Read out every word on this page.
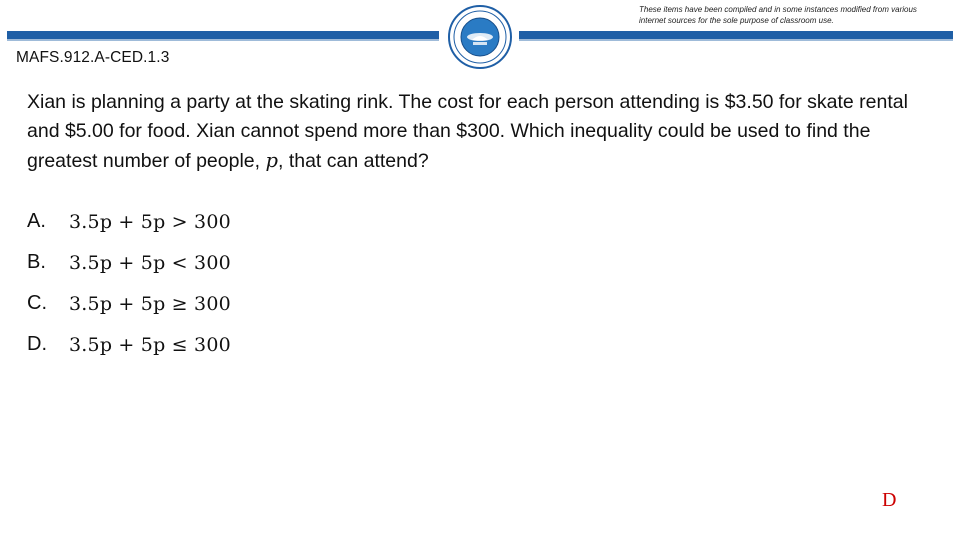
These items have been compiled and in some instances modified from various internet sources for the sole purpose of classroom use.
MAFS.912.A-CED.1.3
Xian is planning a party at the skating rink. The cost for each person attending is $3.50 for skate rental and $5.00 for food. Xian cannot spend more than $300. Which inequality could be used to find the greatest number of people, p, that can attend?
A.	3.5p + 5p > 300
B.	3.5p + 5p < 300
C.	3.5p + 5p ≥ 300
D.	3.5p + 5p ≤ 300
D
